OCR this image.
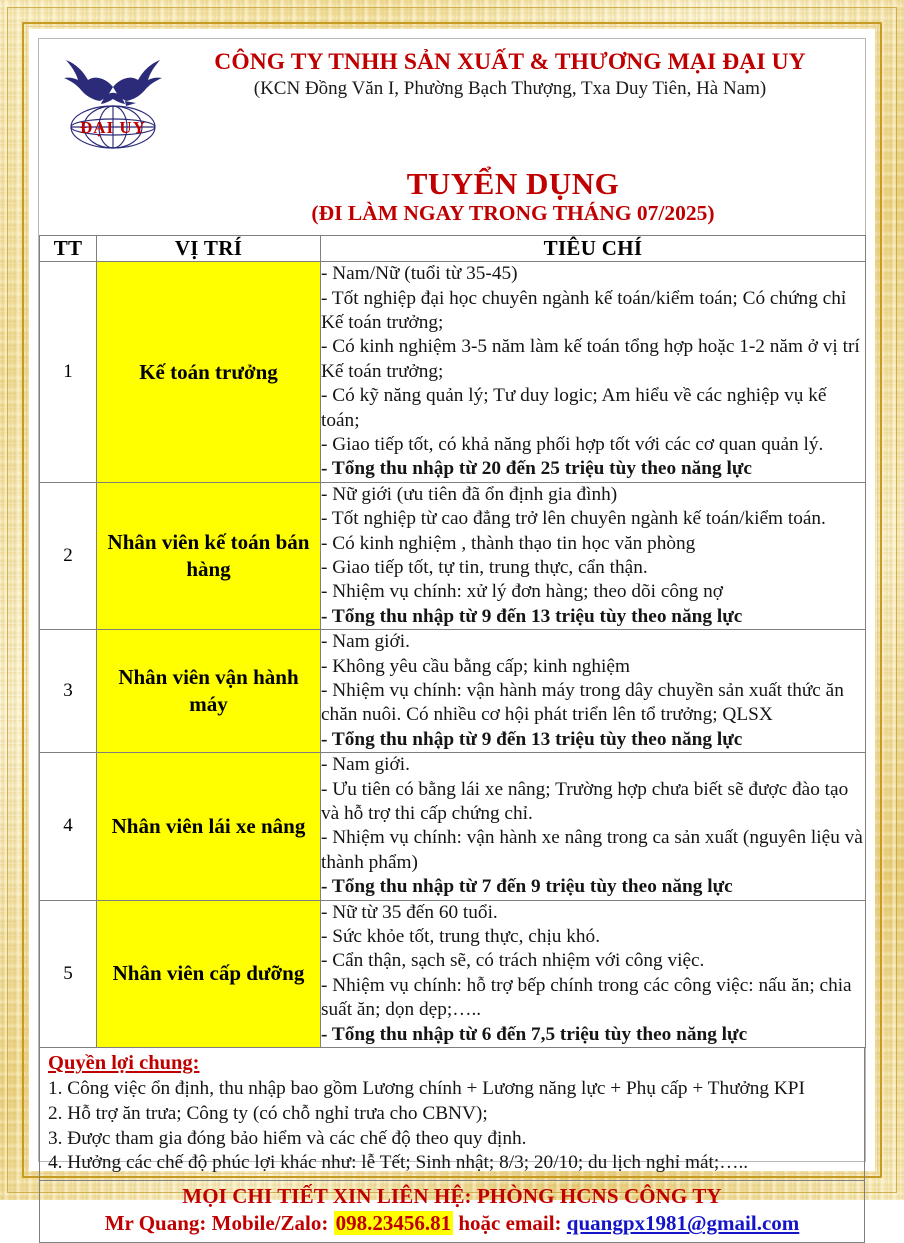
ĐẠI UY
CÔNG TY TNHH SẢN XUẤT & THƯƠNG MẠI ĐẠI UY
(KCN Đồng Văn I, Phường Bạch Thượng, Txa Duy Tiên, Hà Nam)
TUYỂN DỤNG
(ĐI LÀM NGAY TRONG THÁNG 07/2025)
TT	VỊ TRÍ	TIÊU CHÍ
1	Kế toán trưởng	
- Nam/Nữ (tuổi từ 35-45)
- Tốt nghiệp đại học chuyên ngành kế toán/kiểm toán; Có chứng chỉ Kế toán trưởng;
- Có kinh nghiệm 3-5 năm làm kế toán tổng hợp hoặc 1-2 năm ở vị trí Kế toán trưởng;
- Có kỹ năng quản lý; Tư duy logic; Am hiểu về các nghiệp vụ kế toán;
- Giao tiếp tốt, có khả năng phối hợp tốt với các cơ quan quản lý.
- Tổng thu nhập từ 20 đến 25 triệu tùy theo năng lực

2	Nhân viên kế toán bán hàng	
- Nữ giới (ưu tiên đã ổn định gia đình)
- Tốt nghiệp từ cao đẳng trở lên chuyên ngành kế toán/kiểm toán.
- Có kinh nghiệm , thành thạo tin học văn phòng
- Giao tiếp tốt, tự tin, trung thực, cẩn thận.
- Nhiệm vụ chính: xử lý đơn hàng; theo dõi công nợ
- Tổng thu nhập từ 9 đến 13 triệu tùy theo năng lực

3	Nhân viên vận hành máy	- Nam giới.
- Không yêu cầu bằng cấp; kinh nghiệm
- Nhiệm vụ chính: vận hành máy trong dây chuyền sản xuất thức ăn chăn nuôi. Có nhiều cơ hội phát triển lên tổ trưởng; QLSX
- Tổng thu nhập từ 9 đến 13 triệu tùy theo năng lực

4	Nhân viên lái xe nâng	- Nam giới.
- Ưu tiên có bằng lái xe nâng; Trường hợp chưa biết sẽ được đào tạo và hỗ trợ thi cấp chứng chỉ.
- Nhiệm vụ chính: vận hành xe nâng trong ca sản xuất (nguyên liệu và thành phẩm)
- Tổng thu nhập từ 7 đến 9 triệu tùy theo năng lực

5	Nhân viên cấp dưỡng	- Nữ từ 35 đến 60 tuổi.
- Sức khỏe tốt, trung thực, chịu khó.
- Cẩn thận, sạch sẽ, có trách nhiệm với công việc.
- Nhiệm vụ chính: hỗ trợ bếp chính trong các công việc: nấu ăn; chia suất ăn; dọn dẹp;…..
- Tổng thu nhập từ 6 đến 7,5 triệu tùy theo năng lực
Quyền lợi chung:
1. Công việc ổn định, thu nhập bao gồm Lương chính + Lương năng lực + Phụ cấp + Thưởng KPI
2. Hỗ trợ ăn trưa; Công ty (có chỗ nghỉ trưa cho CBNV);
3. Được tham gia đóng bảo hiểm và các chế độ theo quy định.
4. Hưởng các chế độ phúc lợi khác như: lễ Tết; Sinh nhật; 8/3; 20/10; du lịch nghỉ mát;…..
MỌI CHI TIẾT XIN LIÊN HỆ: PHÒNG HCNS CÔNG TY
Mr Quang: Mobile/Zalo: 098.23456.81 hoặc email: quangpx1981@gmail.com
